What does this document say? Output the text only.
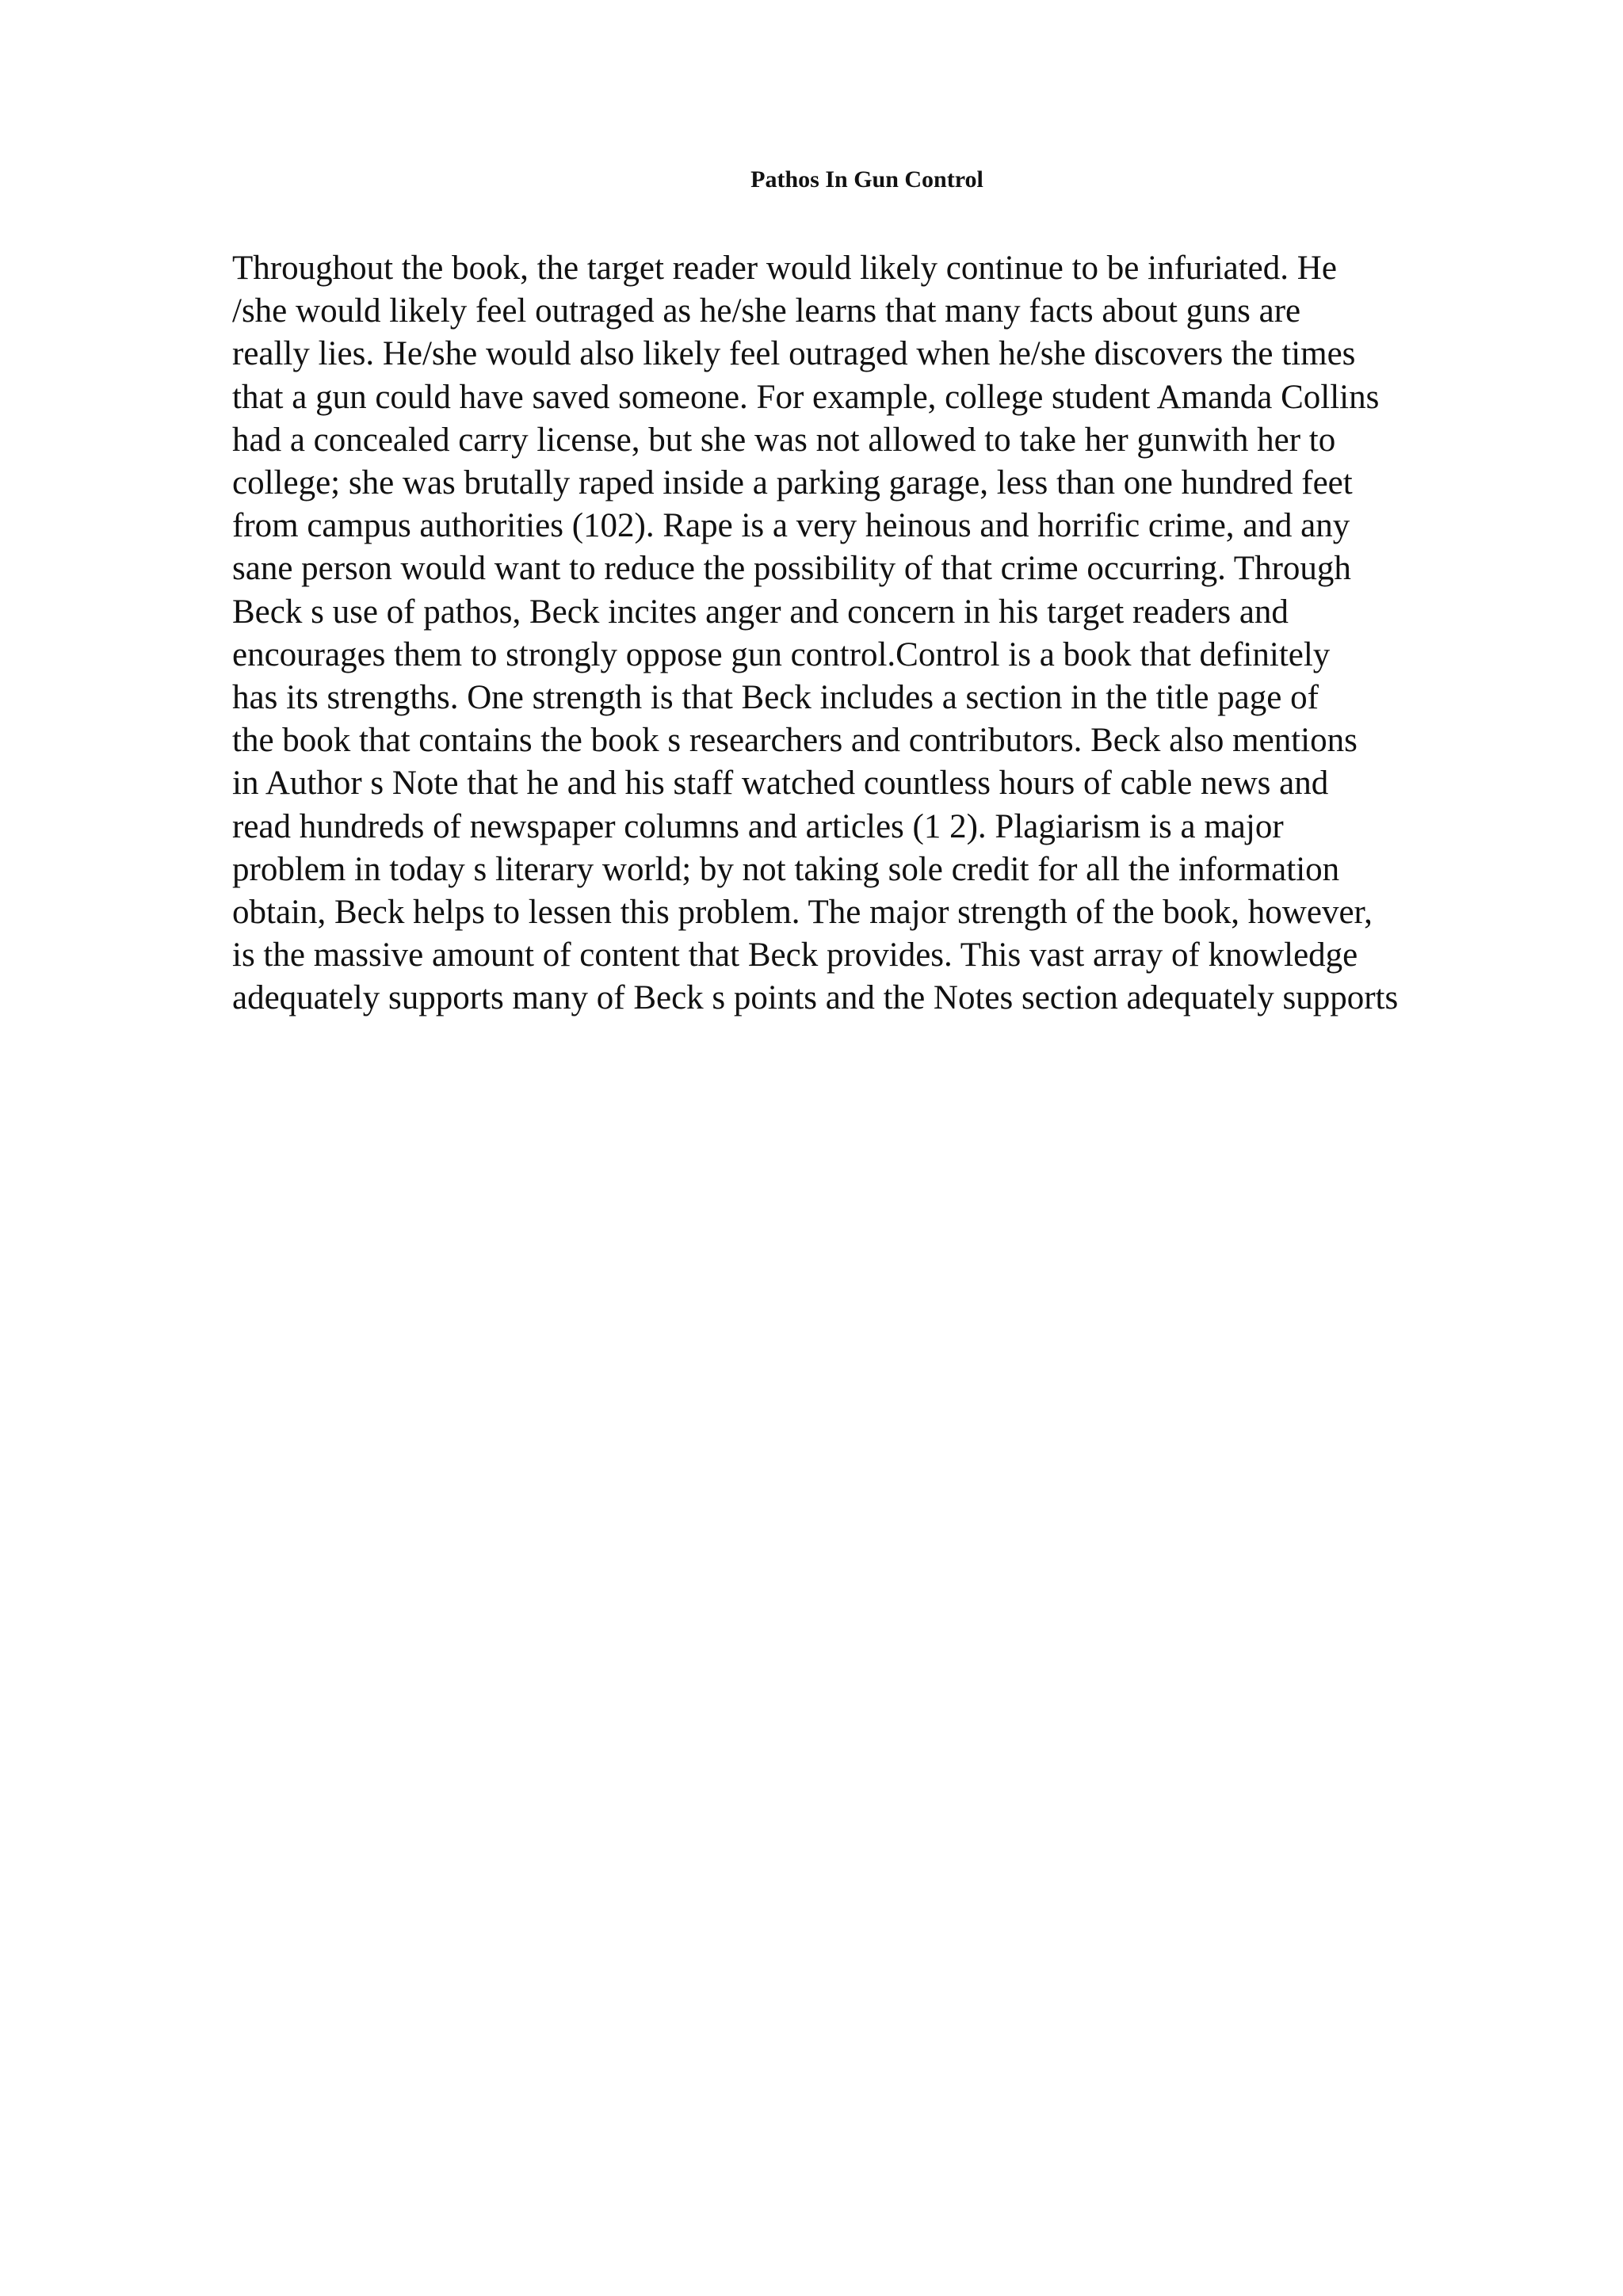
Pathos In Gun Control
Throughout the book, the target reader would likely continue to be infuriated. He
/she would likely feel outraged as he/she learns that many facts about guns are
really lies. He/she would also likely feel outraged when he/she discovers the times
that a gun could have saved someone. For example, college student Amanda Collins
had a concealed carry license, but she was not allowed to take her gunwith her to
college; she was brutally raped inside a parking garage, less than one hundred feet
from campus authorities (102). Rape is a very heinous and horrific crime, and any
sane person would want to reduce the possibility of that crime occurring. Through
Beck s use of pathos, Beck incites anger and concern in his target readers and
encourages them to strongly oppose gun control.Control is a book that definitely
has its strengths. One strength is that Beck includes a section in the title page of
the book that contains the book s researchers and contributors. Beck also mentions
in Author s Note that he and his staff watched countless hours of cable news and
read hundreds of newspaper columns and articles (1 2). Plagiarism is a major
problem in today s literary world; by not taking sole credit for all the information
obtain, Beck helps to lessen this problem. The major strength of the book, however,
is the massive amount of content that Beck provides. This vast array of knowledge
adequately supports many of Beck s points and the Notes section adequately supports
